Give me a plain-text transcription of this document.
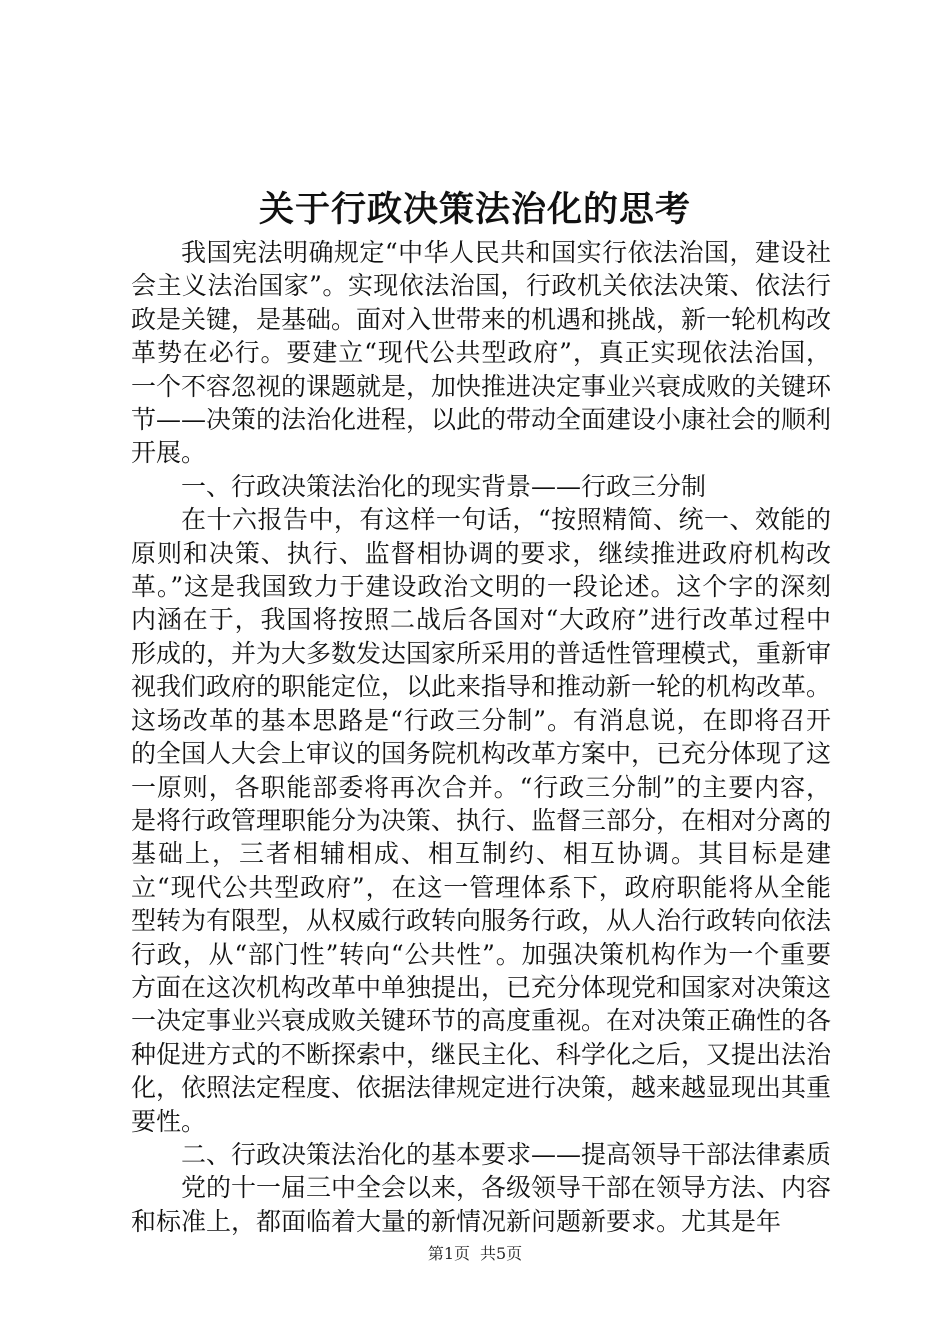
关于行政决策法治化的思考

我国宪法明确规定“中华人民共和国实行依法治国，建设社会主义法治国家”。实现依法治国，行政机关依法决策、依法行政是关键，是基础。面对入世带来的机遇和挑战，新一轮机构改革势在必行。要建立“现代公共型政府”，真正实现依法治国，一个不容忽视的课题就是，加快推进决定事业兴衰成败的关键环节——决策的法治化进程，以此的带动全面建设小康社会的顺利开展。

一、行政决策法治化的现实背景——行政三分制

在十六报告中，有这样一句话，“按照精简、统一、效能的原则和决策、执行、监督相协调的要求，继续推进政府机构改革。”这是我国致力于建设政治文明的一段论述。这个字的深刻内涵在于，我国将按照二战后各国对“大政府”进行改革过程中形成的，并为大多数发达国家所采用的普适性管理模式，重新审视我们政府的职能定位，以此来指导和推动新一轮的机构改革。这场改革的基本思路是“行政三分制”。有消息说，在即将召开的全国人大会上审议的国务院机构改革方案中，已充分体现了这一原则，各职能部委将再次合并。“行政三分制”的主要内容，是将行政管理职能分为决策、执行、监督三部分，在相对分离的基础上，三者相辅相成、相互制约、相互协调。其目标是建立“现代公共型政府”，在这一管理体系下，政府职能将从全能型转为有限型，从权威行政转向服务行政，从人治行政转向依法行政，从“部门性”转向“公共性”。加强决策机构作为一个重要方面在这次机构改革中单独提出，已充分体现党和国家对决策这一决定事业兴衰成败关键环节的高度重视。在对决策正确性的各种促进方式的不断探索中，继民主化、科学化之后，又提出法治化，依照法定程度、依据法律规定进行决策，越来越显现出其重要性。

二、行政决策法治化的基本要求——提高领导干部法律素质

党的十一届三中全会以来，各级领导干部在领导方法、内容和标准上，都面临着大量的新情况新问题新要求。尤其是年

第1页 共5页
